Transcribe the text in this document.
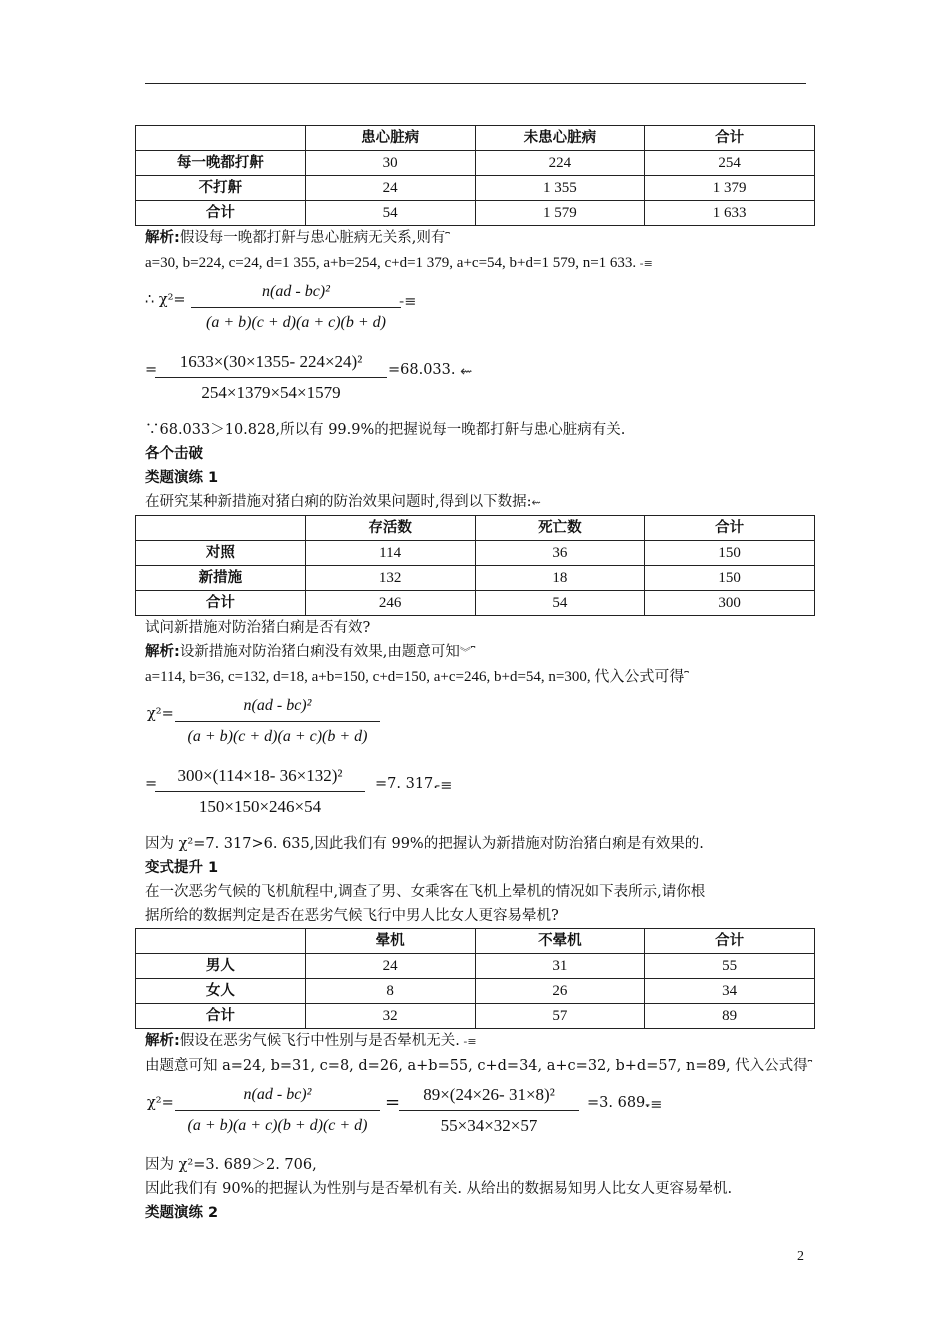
	患心脏病	未患心脏病	合计
每一晚都打鼾	30	224	254
不打鼾	24	1 355	1 379
合计	54	1 579	1 633
解析:假设每一晚都打鼾与患心脏病无关系,则有⎴
a=30, b=224, c=24, d=1 355, a+b=254, c+d=1 379, a+c=54, b+d=1 579, n=1 633. -≡
∴ $\chi^2= \frac{\text{n(ad - bc)²}}{(a + b)(c + d)(a + c)(b + d)}$
-≡
=
$\frac{\text{1633×(30×1355- 224×24)²}}{254\times 1379\times 54\times 1579} =68.033$. ⇜
∵68.033＞10.828,所以有 99.9%的把握说每一晚都打鼾与患心脏病有关.
各个击破
类题演练 1
在研究某种新措施对猪白痢的防治效果问题时,得到以下数据:⇜
	存活数	死亡数	合计
对照	114	36	150
新措施	132	18	150
合计	246	54	300
试问新措施对防治猪白痢是否有效?
解析:设新措施对防治猪白痢没有效果,由题意可知︾⎴
a=114, b=36, c=132, d=18, a+b=150, c+d=150, a+c=246, b+d=54, n=300, 代入公式可得⎴
$\chi^2= \frac{\text{n(ad - bc)²}}{(a + b)(c + d)(a + c)(b + d)}$
=
$\frac{\text{300×(114×18- 36×132)²}}{150\times 150\times 246\times 54} =7$. 317.
-≡
因为 χ²=7. 317>6. 635,因此我们有 99%的把握认为新措施对防治猪白痢是有效果的.
变式提升 1
在一次恶劣气候的飞机航程中,调查了男、女乘客在飞机上晕机的情况如下表所示,请你根
据所给的数据判定是否在恶劣气候飞行中男人比女人更容易晕机?
	晕机	不晕机	合计
男人	24	31	55
女人	8	26	34
合计	32	57	89
解析:假设在恶劣气候飞行中性别与是否晕机无关. -≡
由题意可知 a=24, b=31, c=8, d=26, a+b=55, c+d=34, a+c=32, b+d=57, n=89, 代入公式得⎴
$\chi^2= \frac{\text{n(ad - bc)²}}{(a + b)(a + c)(b + d)(c + d)}$ =
$\frac{\text{89×(24×26- 31×8)²}}{55\times 34\times 32\times 57} =3$. 689.
-≡
因为 χ²=3. 689＞2. 706,
因此我们有 90%的把握认为性别与是否晕机有关. 从给出的数据易知男人比女人更容易晕机.
类题演练 2
2
